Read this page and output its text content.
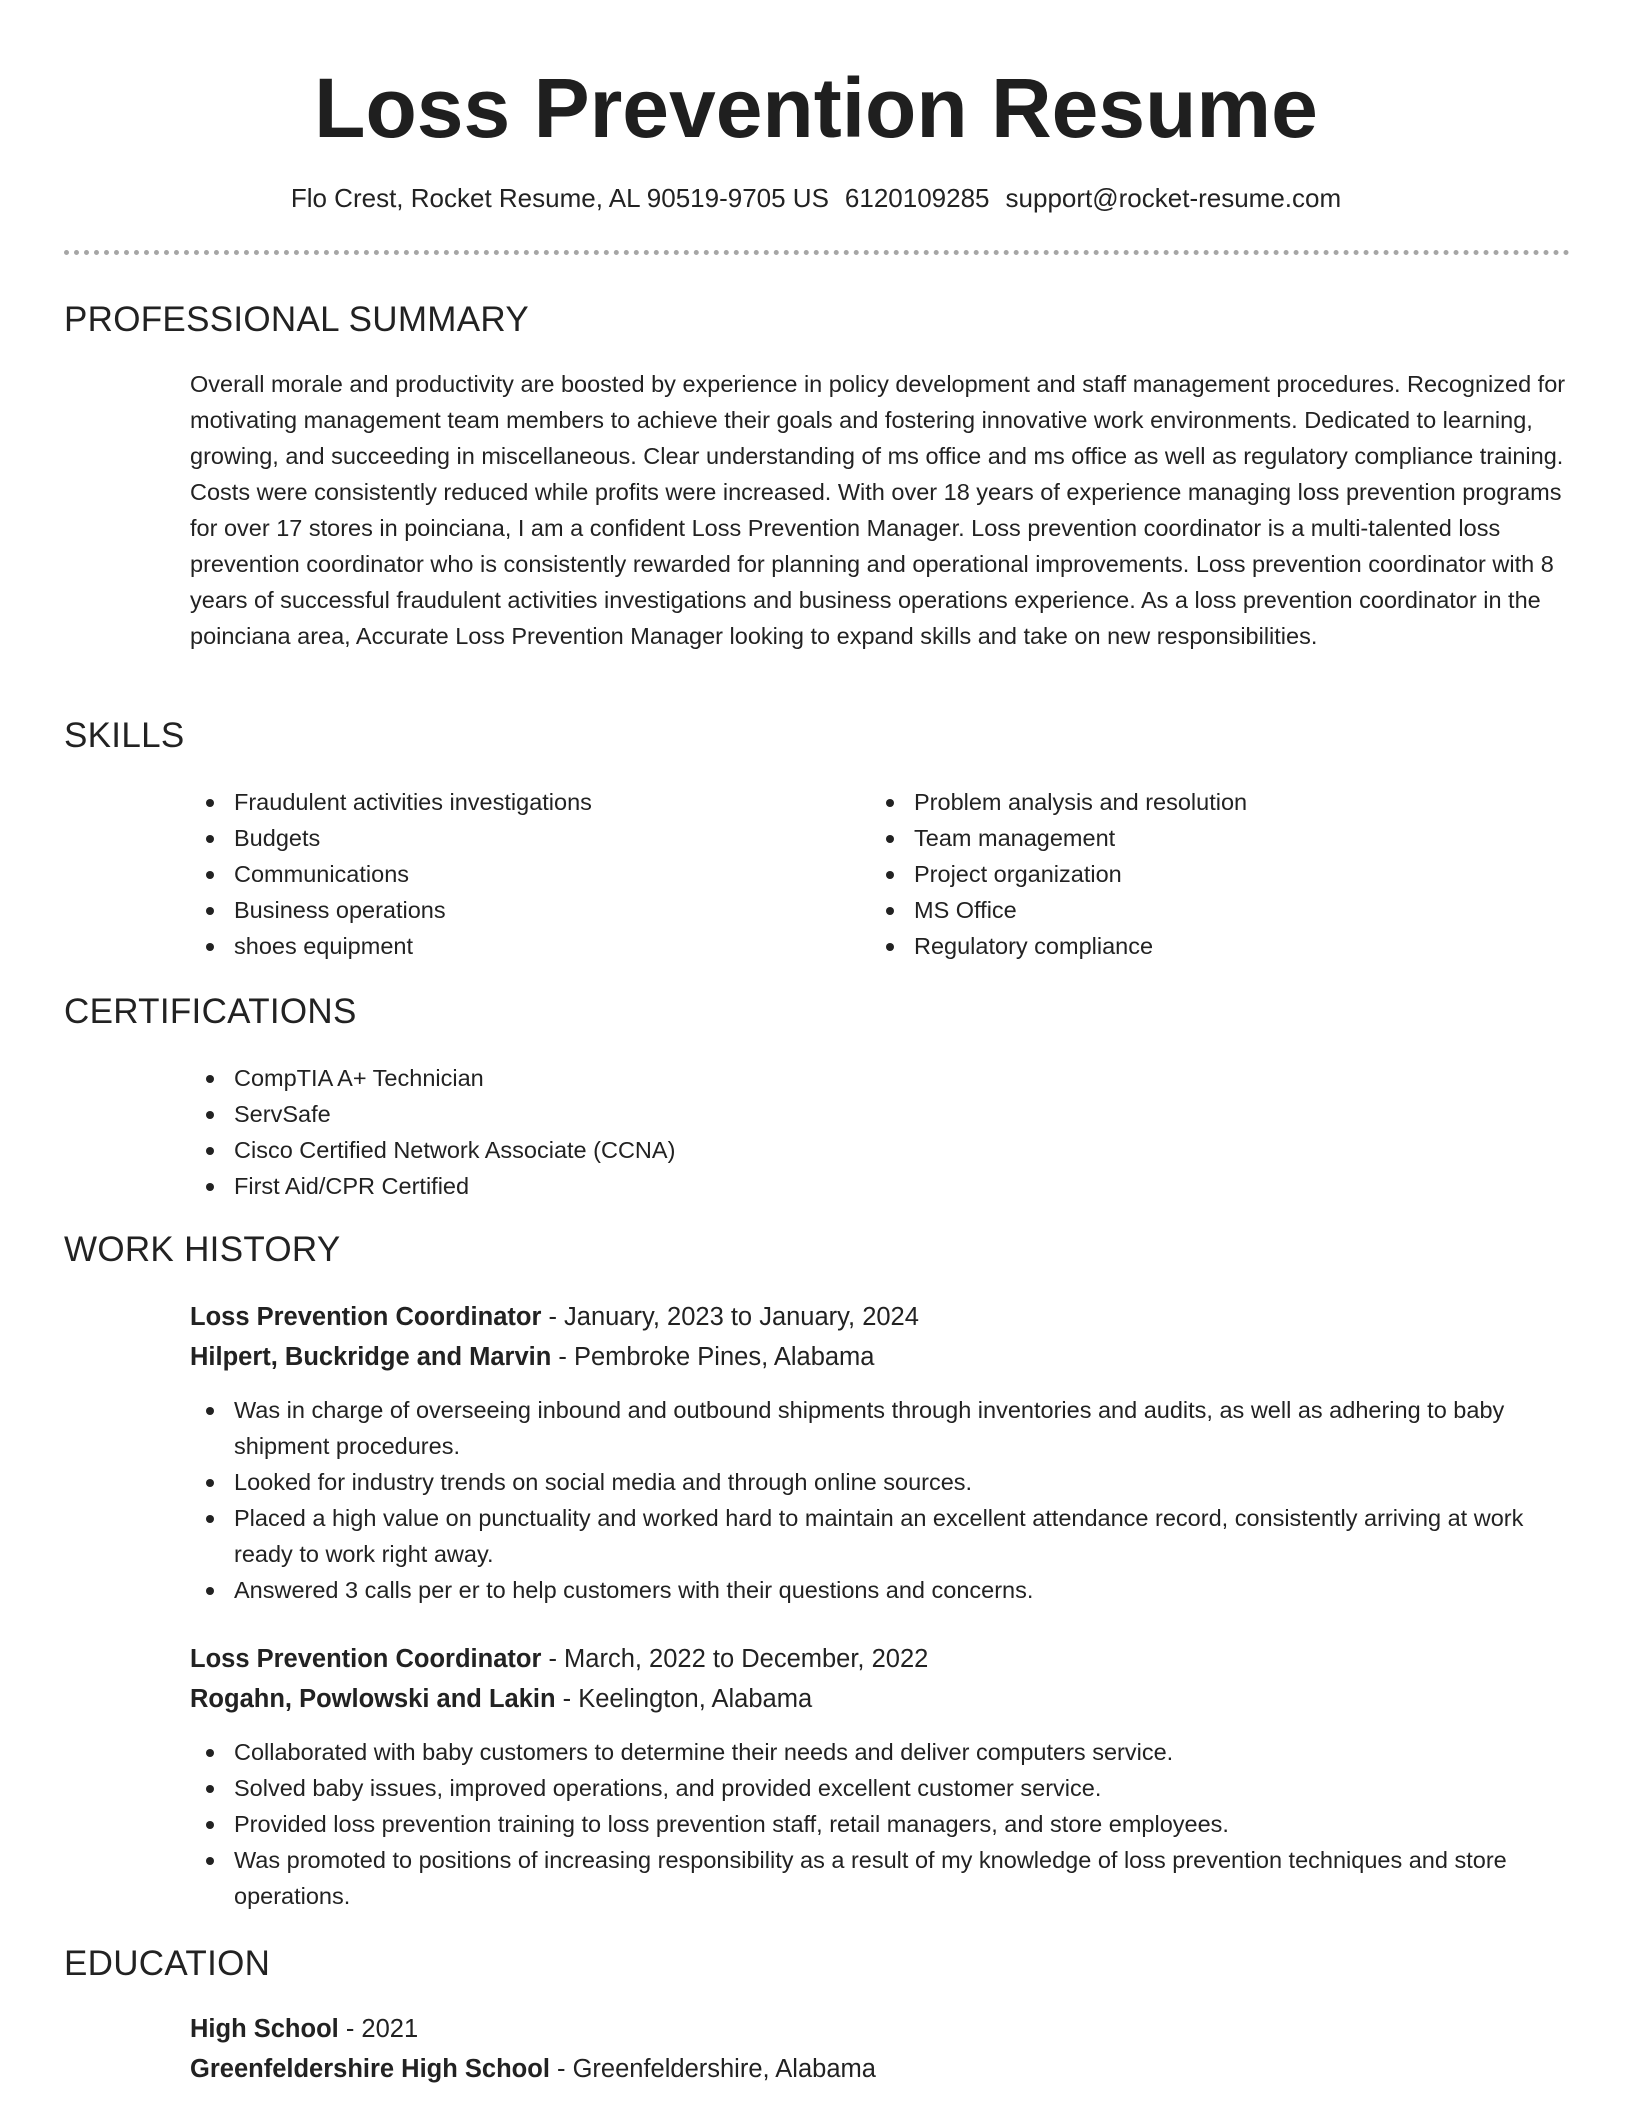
Loss Prevention Resume
Flo Crest, Rocket Resume, AL 90519-9705 US 6120109285 support@rocket-resume.com
PROFESSIONAL SUMMARY
Overall morale and productivity are boosted by experience in policy development and staff management procedures. Recognized for motivating management team members to achieve their goals and fostering innovative work environments. Dedicated to learning, growing, and succeeding in miscellaneous. Clear understanding of ms office and ms office as well as regulatory compliance training. Costs were consistently reduced while profits were increased. With over 18 years of experience managing loss prevention programs for over 17 stores in poinciana, I am a confident Loss Prevention Manager. Loss prevention coordinator is a multi-talented loss prevention coordinator who is consistently rewarded for planning and operational improvements. Loss prevention coordinator with 8 years of successful fraudulent activities investigations and business operations experience. As a loss prevention coordinator in the poinciana area, Accurate Loss Prevention Manager looking to expand skills and take on new responsibilities.
SKILLS
Fraudulent activities investigations
Budgets
Communications
Business operations
shoes equipment
Problem analysis and resolution
Team management
Project organization
MS Office
Regulatory compliance
CERTIFICATIONS
CompTIA A+ Technician
ServSafe
Cisco Certified Network Associate (CCNA)
First Aid/CPR Certified
WORK HISTORY
Loss Prevention Coordinator - January, 2023 to January, 2024
Hilpert, Buckridge and Marvin - Pembroke Pines, Alabama
Was in charge of overseeing inbound and outbound shipments through inventories and audits, as well as adhering to baby shipment procedures.
Looked for industry trends on social media and through online sources.
Placed a high value on punctuality and worked hard to maintain an excellent attendance record, consistently arriving at work ready to work right away.
Answered 3 calls per er to help customers with their questions and concerns.
Loss Prevention Coordinator - March, 2022 to December, 2022
Rogahn, Powlowski and Lakin - Keelington, Alabama
Collaborated with baby customers to determine their needs and deliver computers service.
Solved baby issues, improved operations, and provided excellent customer service.
Provided loss prevention training to loss prevention staff, retail managers, and store employees.
Was promoted to positions of increasing responsibility as a result of my knowledge of loss prevention techniques and store operations.
EDUCATION
High School - 2021
Greenfeldershire High School - Greenfeldershire, Alabama
